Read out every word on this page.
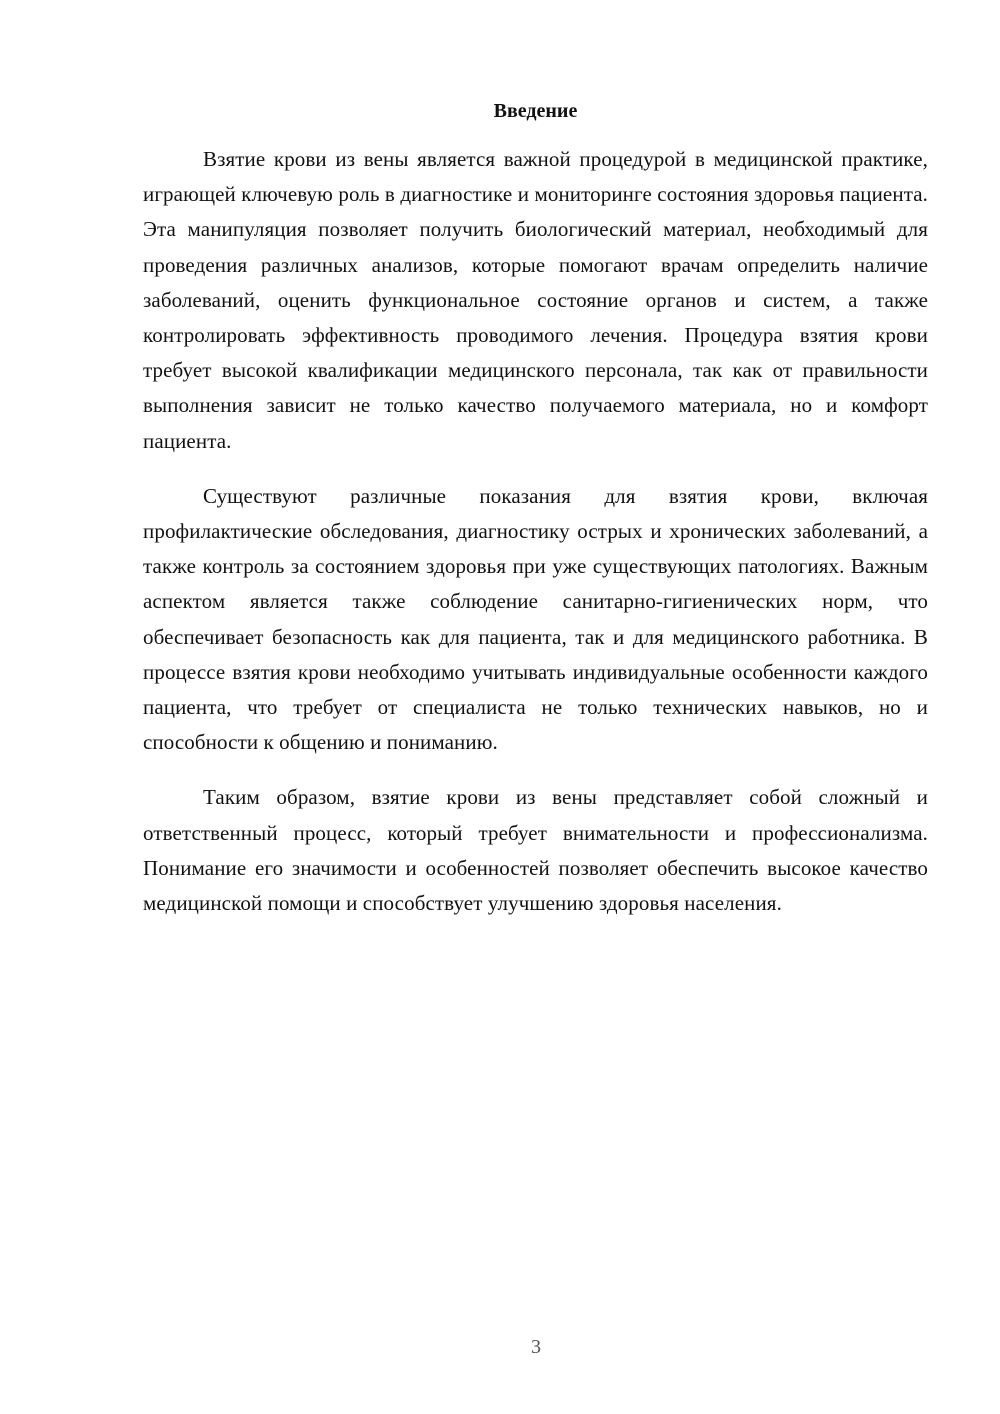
Введение

Взятие крови из вены является важной процедурой в медицинской практике, играющей ключевую роль в диагностике и мониторинге состояния здоровья пациента. Эта манипуляция позволяет получить биологический материал, необходимый для проведения различных анализов, которые помогают врачам определить наличие заболеваний, оценить функциональное состояние органов и систем, а также контролировать эффективность проводимого лечения. Процедура взятия крови требует высокой квалификации медицинского персонала, так как от правильности выполнения зависит не только качество получаемого материала, но и комфорт пациента.

Существуют различные показания для взятия крови, включая профилактические обследования, диагностику острых и хронических заболеваний, а также контроль за состоянием здоровья при уже существующих патологиях. Важным аспектом является также соблюдение санитарно-гигиенических норм, что обеспечивает безопасность как для пациента, так и для медицинского работника. В процессе взятия крови необходимо учитывать индивидуальные особенности каждого пациента, что требует от специалиста не только технических навыков, но и способности к общению и пониманию.

Таким образом, взятие крови из вены представляет собой сложный и ответственный процесс, который требует внимательности и профессионализма. Понимание его значимости и особенностей позволяет обеспечить высокое качество медицинской помощи и способствует улучшению здоровья населения.

3
